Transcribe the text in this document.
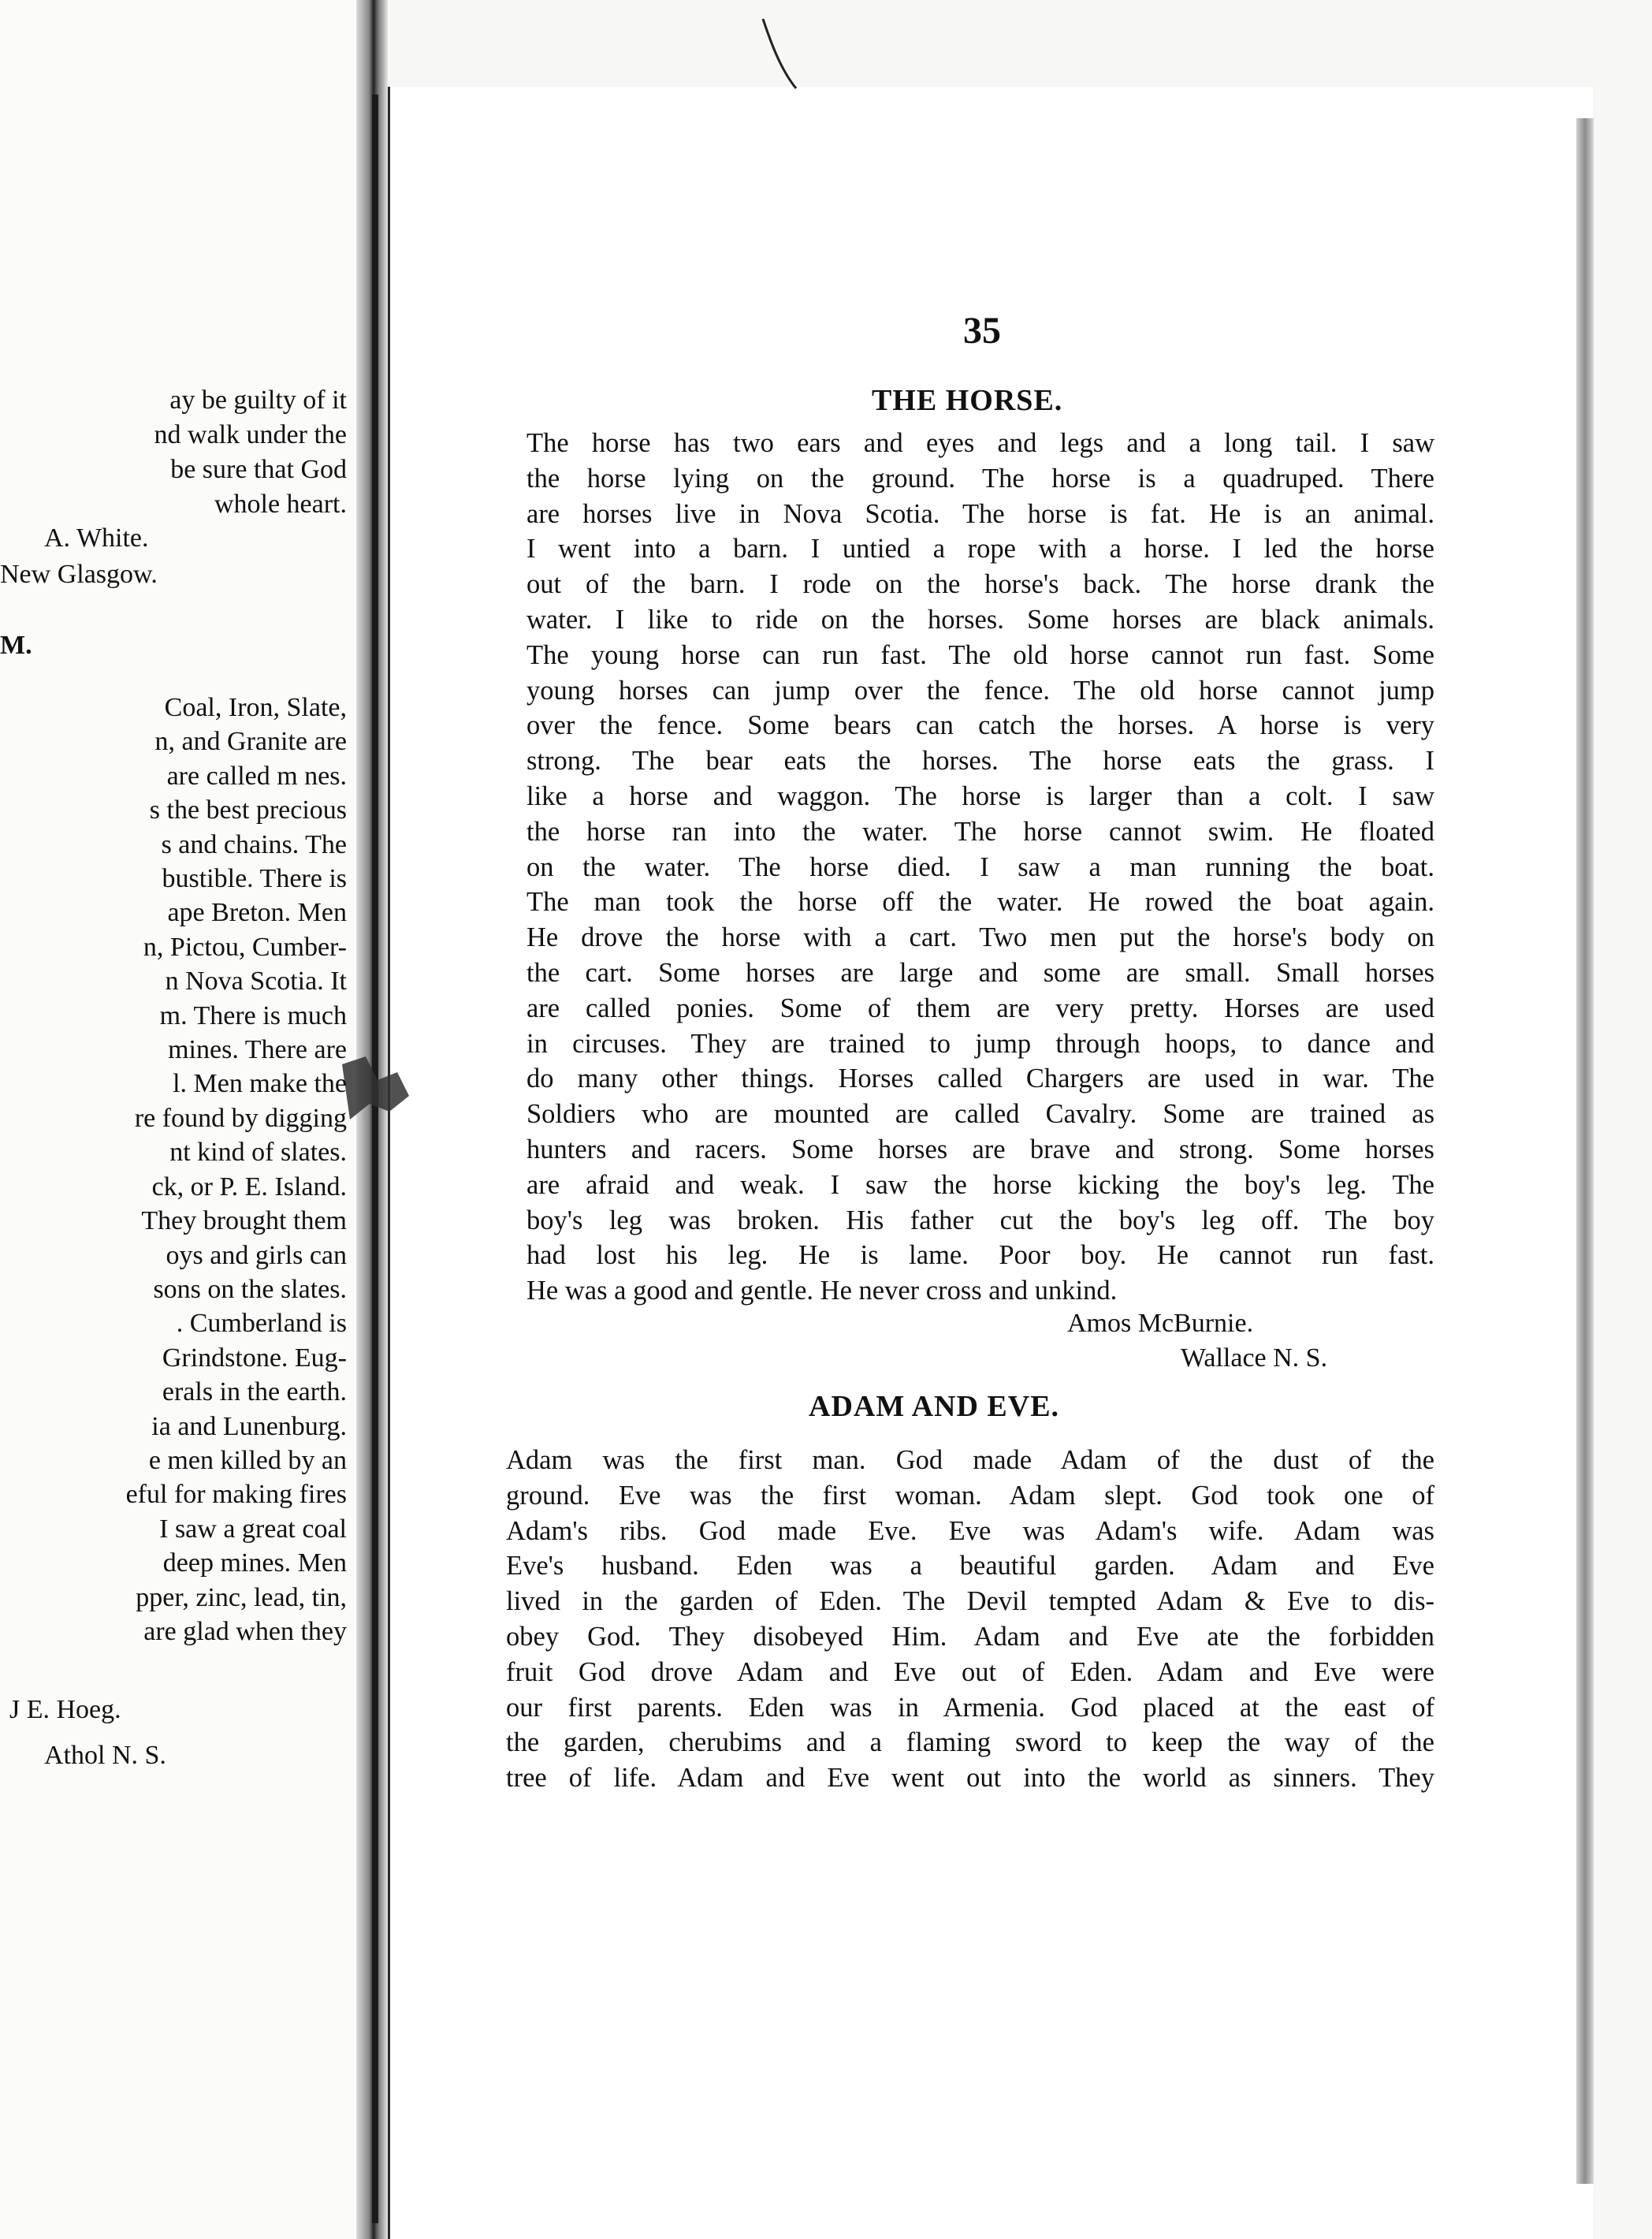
ay be guilty of it
nd walk under the
be sure that God
whole heart.
A. White.
New Glasgow.
M.
Coal, Iron, Slate,
n, and Granite are
are called m nes.
s the best precious
s and chains. The
bustible. There is
ape Breton. Men
n, Pictou, Cumber-
n Nova Scotia. It
m. There is much
mines. There are
l. Men make the
re found by digging
nt kind of slates.
ck, or P. E. Island.
They brought them
oys and girls can
sons on the slates.
. Cumberland is
Grindstone. Eug-
erals in the earth.
ia and Lunenburg.
e men killed by an
eful for making fires
I saw a great coal
deep mines. Men
pper, zinc, lead, tin,
are glad when they
J E. Hoeg.
Athol N. S.
35
THE HORSE.
The horse has two ears and eyes and legs and a long tail. I saw
the horse lying on the ground. The horse is a quadruped. There
are horses live in Nova Scotia. The horse is fat. He is an animal.
I went into a barn. I untied a rope with a horse. I led the horse
out of the barn. I rode on the horse's back. The horse drank the
water. I like to ride on the horses. Some horses are black animals.
The young horse can run fast. The old horse cannot run fast. Some
young horses can jump over the fence. The old horse cannot jump
over the fence. Some bears can catch the horses. A horse is very
strong. The bear eats the horses. The horse eats the grass. I
like a horse and waggon. The horse is larger than a colt. I saw
the horse ran into the water. The horse cannot swim. He floated
on the water. The horse died. I saw a man running the boat.
The man took the horse off the water. He rowed the boat again.
He drove the horse with a cart. Two men put the horse's body on
the cart. Some horses are large and some are small. Small horses
are called ponies. Some of them are very pretty. Horses are used
in circuses. They are trained to jump through hoops, to dance and
do many other things. Horses called Chargers are used in war. The
Soldiers who are mounted are called Cavalry. Some are trained as
hunters and racers. Some horses are brave and strong. Some horses
are afraid and weak. I saw the horse kicking the boy's leg. The
boy's leg was broken. His father cut the boy's leg off. The boy
had lost his leg. He is lame. Poor boy. He cannot run fast.
He was a good and gentle. He never cross and unkind.
Amos McBurnie.
Wallace N. S.
ADAM AND EVE.
Adam was the first man. God made Adam of the dust of the
ground. Eve was the first woman. Adam slept. God took one of
Adam's ribs. God made Eve. Eve was Adam's wife. Adam was
Eve's husband. Eden was a beautiful garden. Adam and Eve
lived in the garden of Eden. The Devil tempted Adam & Eve to dis-
obey God. They disobeyed Him. Adam and Eve ate the forbidden
fruit God drove Adam and Eve out of Eden. Adam and Eve were
our first parents. Eden was in Armenia. God placed at the east of
the garden, cherubims and a flaming sword to keep the way of the
tree of life. Adam and Eve went out into the world as sinners. They
